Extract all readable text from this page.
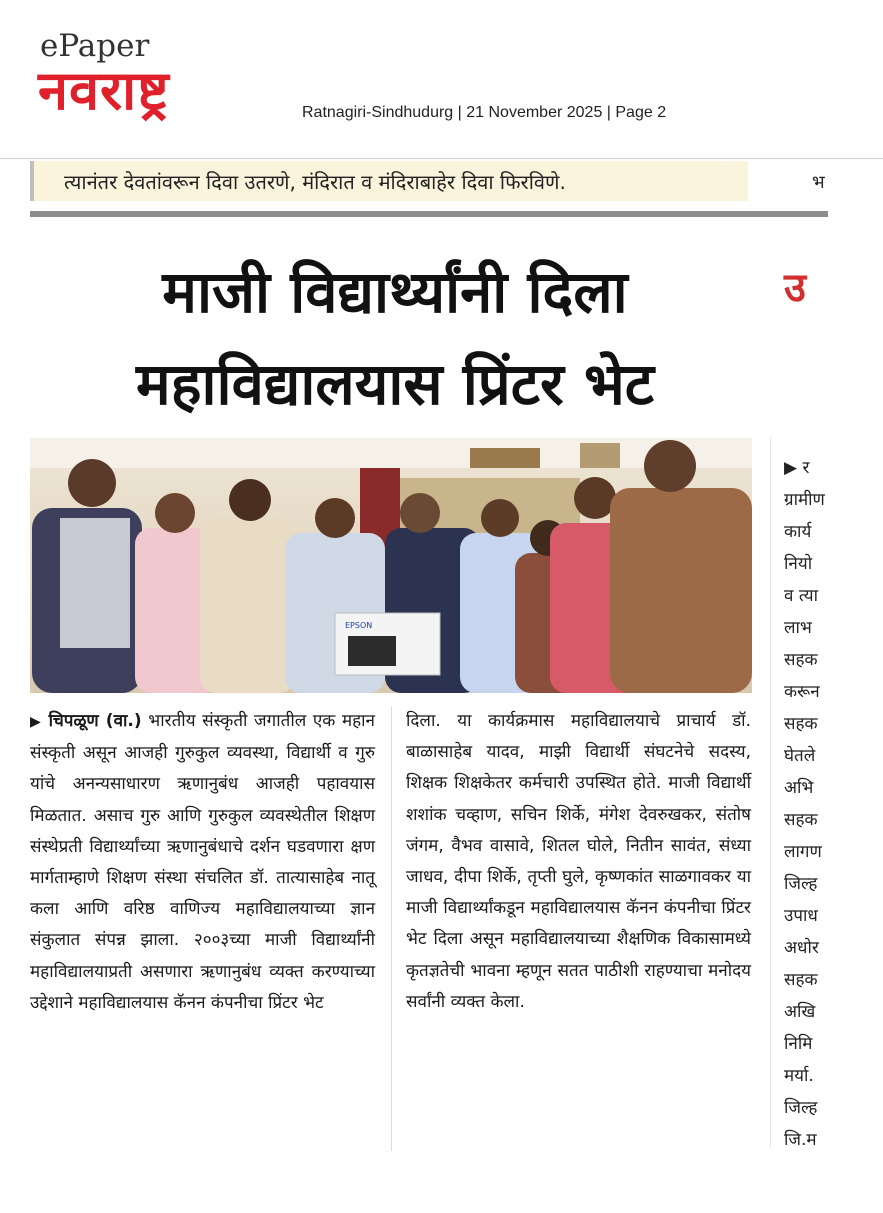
ePaper
नवराष्ट्र	Ratnagiri-Sindhudurg | 21 November 2025 | Page 2
त्यानंतर देवतांवरून दिवा उतरणे, मंदिरात व मंदिराबाहेर दिवा फिरविणे.	भ
माजी विद्यार्थ्यांनी दिला
महाविद्यालयास प्रिंटर भेट
उ
EPSON
▶ र
ग्रामीण
कार्य
नियो
व त्या
लाभ
सहक
करून
सहक
घेतले
अभि
सहक
लागण
जिल्ह
उपाध
अधोर
सहक
अखि
निमि
मर्या.
जिल्ह
जि.म

▶ चिपळूण (वा.) भारतीय संस्कृती जगातील एक महान संस्कृती असून आजही गुरुकुल व्यवस्था, विद्यार्थी व गुरु यांचे अनन्यसाधारण ऋणानुबंध आजही पहावयास मिळतात. असाच गुरु आणि गुरुकुल व्यवस्थेतील शिक्षण संस्थेप्रती विद्यार्थ्यांच्या ऋणानुबंधाचे दर्शन घडवणारा क्षण मार्गताम्हाणे शिक्षण संस्था संचलित डॉ. तात्यासाहेब नातू कला आणि वरिष्ठ वाणिज्य महाविद्यालयाच्या ज्ञान संकुलात संपन्न झाला. २००३च्या माजी विद्यार्थ्यांनी महाविद्यालयाप्रती असणारा ऋणानुबंध व्यक्त करण्याच्या उद्देशाने महाविद्यालयास कॅनन कंपनीचा प्रिंटर भेट

दिला. या कार्यक्रमास महाविद्यालयाचे प्राचार्य डॉ. बाळासाहेब यादव, माझी विद्यार्थी संघटनेचे सदस्य, शिक्षक शिक्षकेतर कर्मचारी उपस्थित होते. माजी विद्यार्थी शशांक चव्हाण, सचिन शिर्के, मंगेश देवरुखकर, संतोष जंगम, वैभव वासावे, शितल घोले, नितीन सावंत, संध्या जाधव, दीपा शिर्के, तृप्ती घुले, कृष्णकांत साळगावकर या माजी विद्यार्थ्यांकडून महाविद्यालयास कॅनन कंपनीचा प्रिंटर भेट दिला असून महाविद्यालयाच्या शैक्षणिक विकासामध्ये कृतज्ञतेची भावना म्हणून सतत पाठीशी राहण्याचा मनोदय सर्वांनी व्यक्त केला.
